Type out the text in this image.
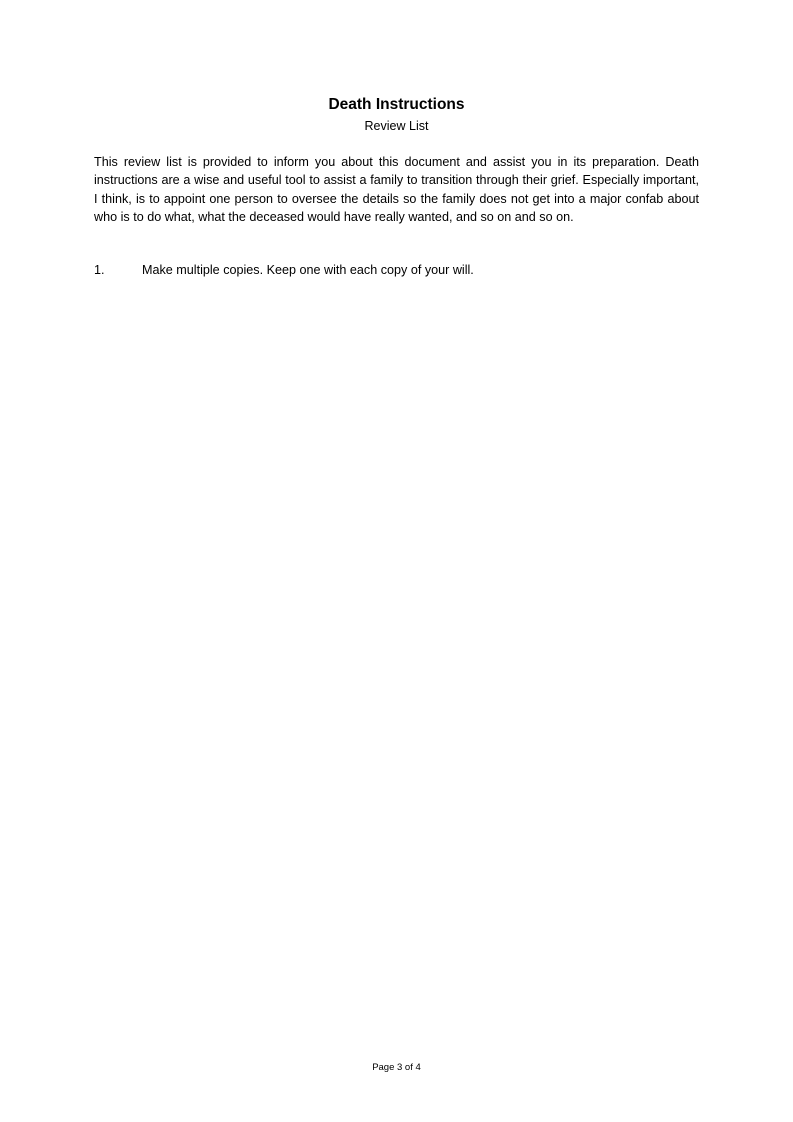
Death Instructions
Review List

This review list is provided to inform you about this document and assist you in its preparation. Death instructions are a wise and useful tool to assist a family to transition through their grief. Especially important, I think, is to appoint one person to oversee the details so the family does not get into a major confab about who is to do what, what the deceased would have really wanted, and so on and so on.

1.	Make multiple copies. Keep one with each copy of your will.
Page 3 of 4
